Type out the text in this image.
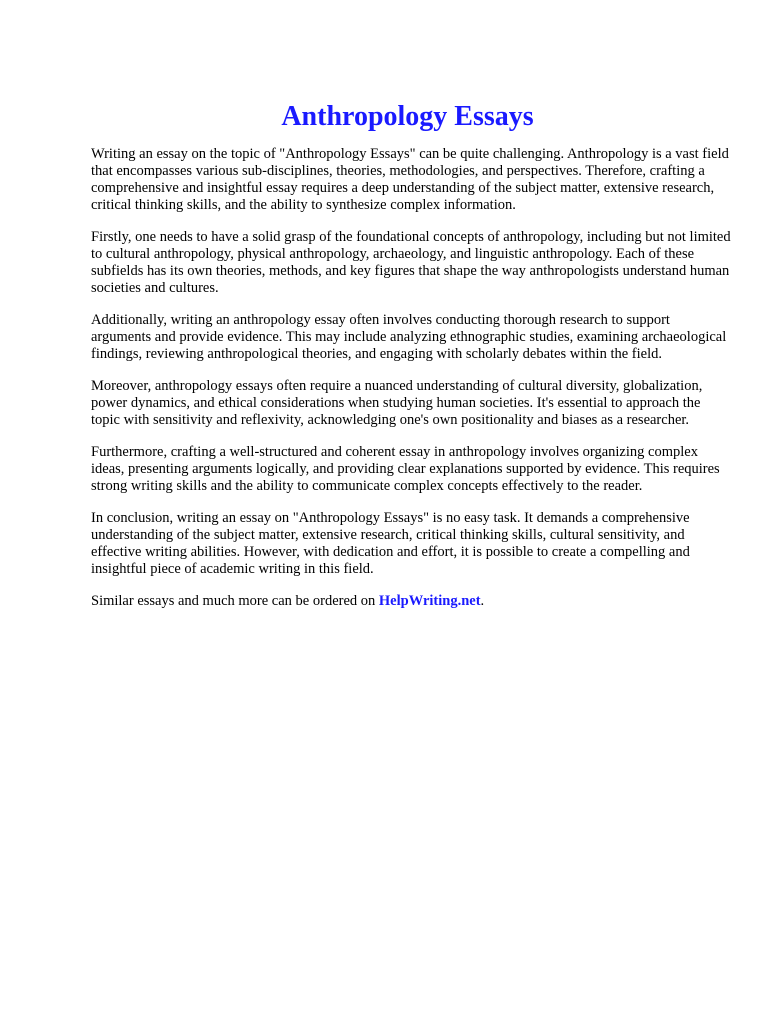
Anthropology Essays

Writing an essay on the topic of "Anthropology Essays" can be quite challenging. Anthropology is a vast field that encompasses various sub-disciplines, theories, methodologies, and perspectives. Therefore, crafting a comprehensive and insightful essay requires a deep understanding of the subject matter, extensive research, critical thinking skills, and the ability to synthesize complex information.

Firstly, one needs to have a solid grasp of the foundational concepts of anthropology, including but not limited to cultural anthropology, physical anthropology, archaeology, and linguistic anthropology. Each of these subfields has its own theories, methods, and key figures that shape the way anthropologists understand human societies and cultures.

Additionally, writing an anthropology essay often involves conducting thorough research to support arguments and provide evidence. This may include analyzing ethnographic studies, examining archaeological findings, reviewing anthropological theories, and engaging with scholarly debates within the field.

Moreover, anthropology essays often require a nuanced understanding of cultural diversity, globalization, power dynamics, and ethical considerations when studying human societies. It's essential to approach the topic with sensitivity and reflexivity, acknowledging one's own positionality and biases as a researcher.

Furthermore, crafting a well-structured and coherent essay in anthropology involves organizing complex ideas, presenting arguments logically, and providing clear explanations supported by evidence. This requires strong writing skills and the ability to communicate complex concepts effectively to the reader.

In conclusion, writing an essay on "Anthropology Essays" is no easy task. It demands a comprehensive understanding of the subject matter, extensive research, critical thinking skills, cultural sensitivity, and effective writing abilities. However, with dedication and effort, it is possible to create a compelling and insightful piece of academic writing in this field.

Similar essays and much more can be ordered on HelpWriting.net.
